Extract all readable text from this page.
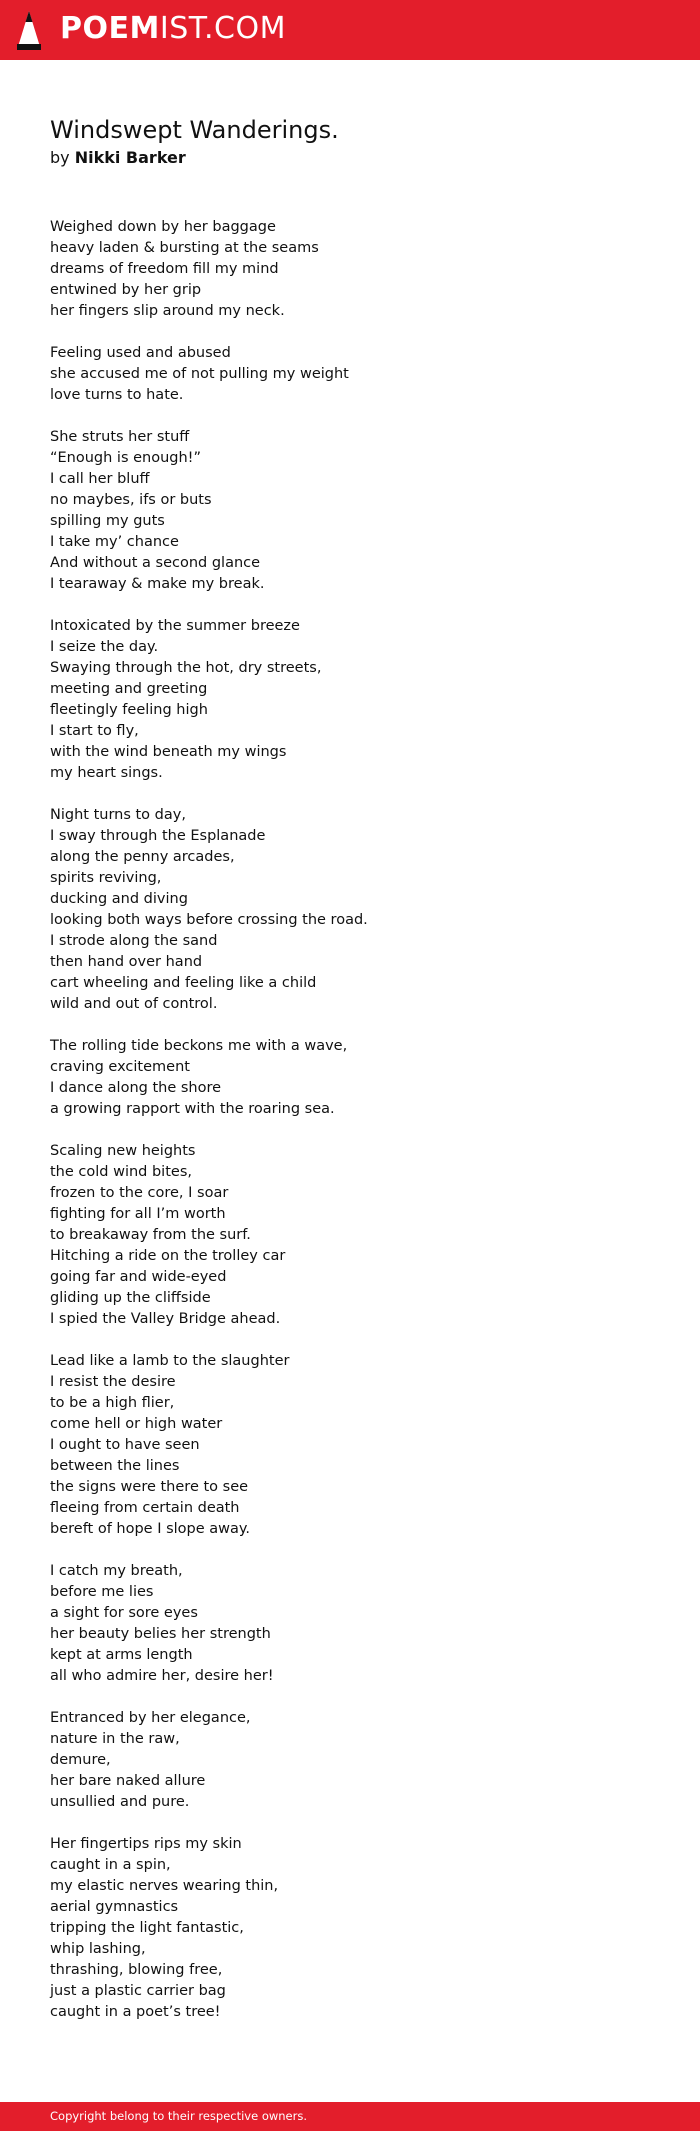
POEMIST.COM
Windswept Wanderings.
by Nikki Barker
Weighed down by her baggage
heavy laden & bursting at the seams
dreams of freedom fill my mind
entwined by her grip
her fingers slip around my neck.
Feeling used and abused
she accused me of not pulling my weight
love turns to hate.
She struts her stuff
“Enough is enough!”
I call her bluff
no maybes, ifs or buts
spilling my guts
I take my’ chance
And without a second glance
I tearaway & make my break.
Intoxicated by the summer breeze
I seize the day.
Swaying through the hot, dry streets,
meeting and greeting
fleetingly feeling high
I start to fly,
with the wind beneath my wings
my heart sings.
Night turns to day,
I sway through the Esplanade
along the penny arcades,
spirits reviving,
ducking and diving
looking both ways before crossing the road.
I strode along the sand
then hand over hand
cart wheeling and feeling like a child
wild and out of control.
The rolling tide beckons me with a wave,
craving excitement
I dance along the shore
a growing rapport with the roaring sea.
Scaling new heights
the cold wind bites,
frozen to the core, I soar
fighting for all I’m worth
to breakaway from the surf.
Hitching a ride on the trolley car
going far and wide-eyed
gliding up the cliffside
I spied the Valley Bridge ahead.
Lead like a lamb to the slaughter
I resist the desire
to be a high flier,
come hell or high water
I ought to have seen
between the lines
the signs were there to see
fleeing from certain death
bereft of hope I slope away.
I catch my breath,
before me lies
a sight for sore eyes
her beauty belies her strength
kept at arms length
all who admire her, desire her!
Entranced by her elegance,
nature in the raw,
demure,
her bare naked allure
unsullied and pure.
Her fingertips rips my skin
caught in a spin,
my elastic nerves wearing thin,
aerial gymnastics
tripping the light fantastic,
whip lashing,
thrashing, blowing free,
just a plastic carrier bag
caught in a poet’s tree!
Copyright belong to their respective owners.
